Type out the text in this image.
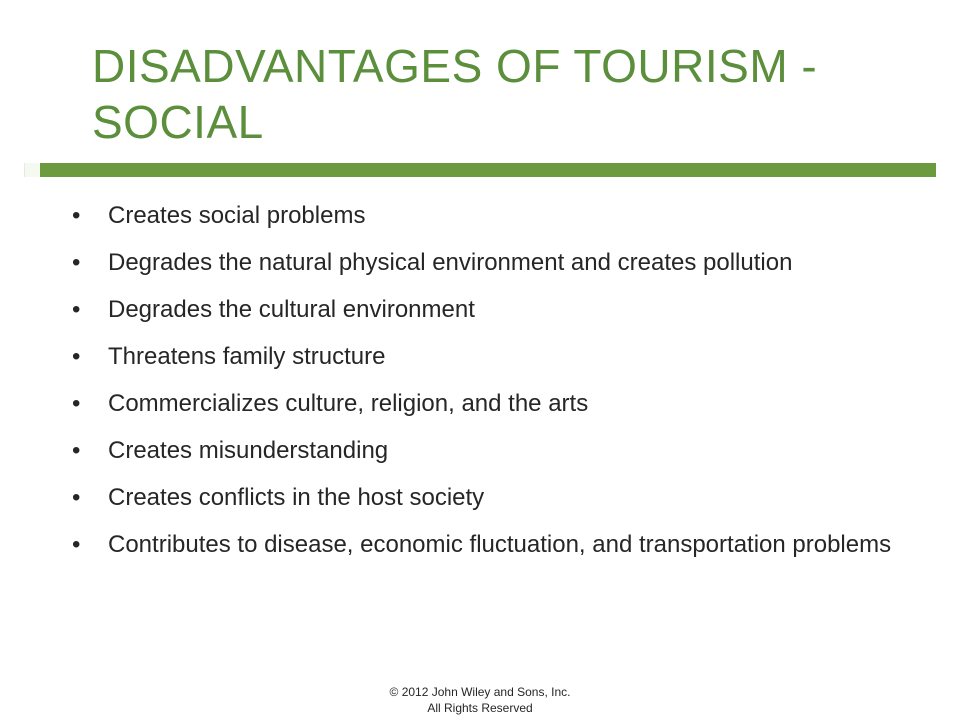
DISADVANTAGES OF TOURISM - SOCIAL
•	Creates social problems
•	Degrades the natural physical environment and creates pollution
•	Degrades the cultural environment
•	Threatens family structure
•	Commercializes culture, religion, and the arts
•	Creates misunderstanding
•	Creates conflicts in the host society
•	Contributes to disease, economic fluctuation, and transportation problems
© 2012 John Wiley and Sons, Inc.
All Rights Reserved
